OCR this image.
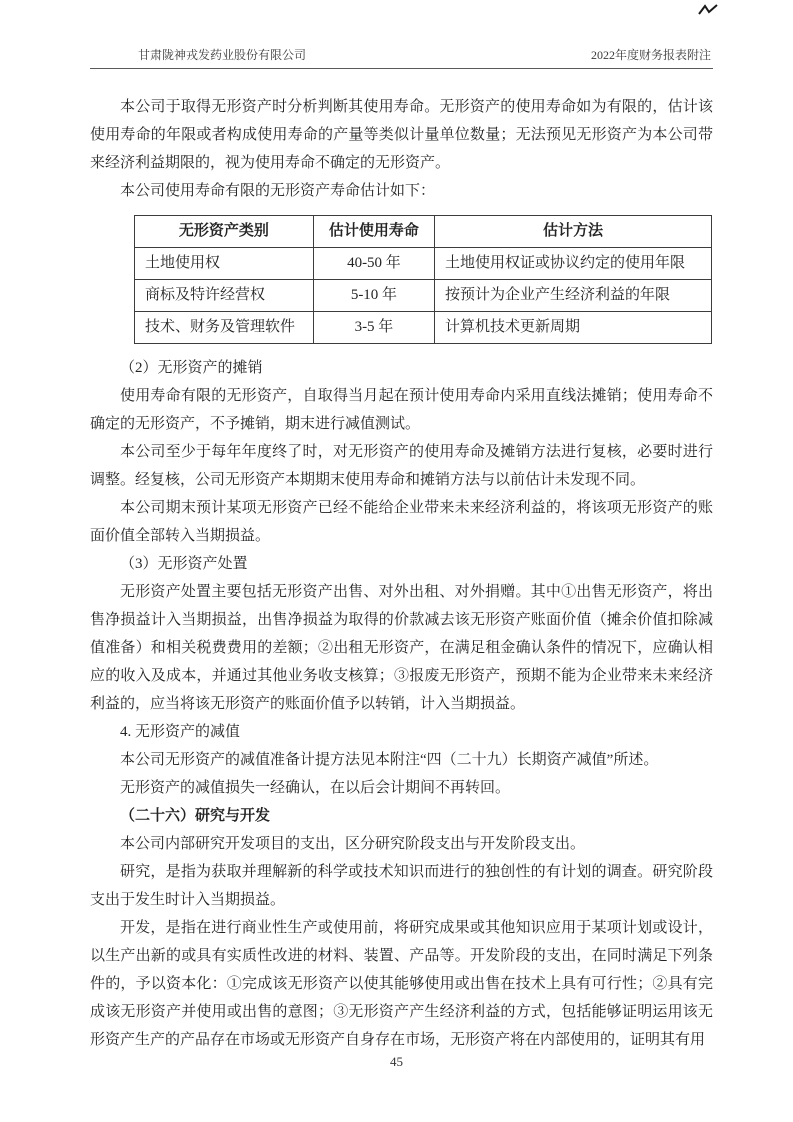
甘肃陇神戎发药业股份有限公司	2022年度财务报表附注

本公司于取得无形资产时分析判断其使用寿命。无形资产的使用寿命如为有限的，估计该使用寿命的年限或者构成使用寿命的产量等类似计量单位数量；无法预见无形资产为本公司带来经济利益期限的，视为使用寿命不确定的无形资产。

本公司使用寿命有限的无形资产寿命估计如下：

无形资产类别	估计使用寿命	估计方法
土地使用权	40-50 年	土地使用权证或协议约定的使用年限
商标及特许经营权	5-10 年	按预计为企业产生经济利益的年限
技术、财务及管理软件	3-5 年	计算机技术更新周期

（2）无形资产的摊销

使用寿命有限的无形资产，自取得当月起在预计使用寿命内采用直线法摊销；使用寿命不确定的无形资产，不予摊销，期末进行减值测试。

本公司至少于每年年度终了时，对无形资产的使用寿命及摊销方法进行复核，必要时进行调整。经复核，公司无形资产本期期末使用寿命和摊销方法与以前估计未发现不同。

本公司期末预计某项无形资产已经不能给企业带来未来经济利益的，将该项无形资产的账面价值全部转入当期损益。

（3）无形资产处置

无形资产处置主要包括无形资产出售、对外出租、对外捐赠。其中①出售无形资产，将出售净损益计入当期损益，出售净损益为取得的价款减去该无形资产账面价值（摊余价值扣除减值准备）和相关税费费用的差额；②出租无形资产，在满足租金确认条件的情况下，应确认相应的收入及成本，并通过其他业务收支核算；③报废无形资产，预期不能为企业带来未来经济利益的，应当将该无形资产的账面价值予以转销，计入当期损益。

4. 无形资产的减值

本公司无形资产的减值准备计提方法见本附注“四（二十九）长期资产减值”所述。

无形资产的减值损失一经确认，在以后会计期间不再转回。

（二十六）研究与开发

本公司内部研究开发项目的支出，区分研究阶段支出与开发阶段支出。

研究，是指为获取并理解新的科学或技术知识而进行的独创性的有计划的调查。研究阶段支出于发生时计入当期损益。

开发，是指在进行商业性生产或使用前，将研究成果或其他知识应用于某项计划或设计，以生产出新的或具有实质性改进的材料、装置、产品等。开发阶段的支出，在同时满足下列条件的，予以资本化：①完成该无形资产以使其能够使用或出售在技术上具有可行性；②具有完成该无形资产并使用或出售的意图；③无形资产产生经济利益的方式，包括能够证明运用该无形资产生产的产品存在市场或无形资产自身存在市场，无形资产将在内部使用的，证明其有用

45
